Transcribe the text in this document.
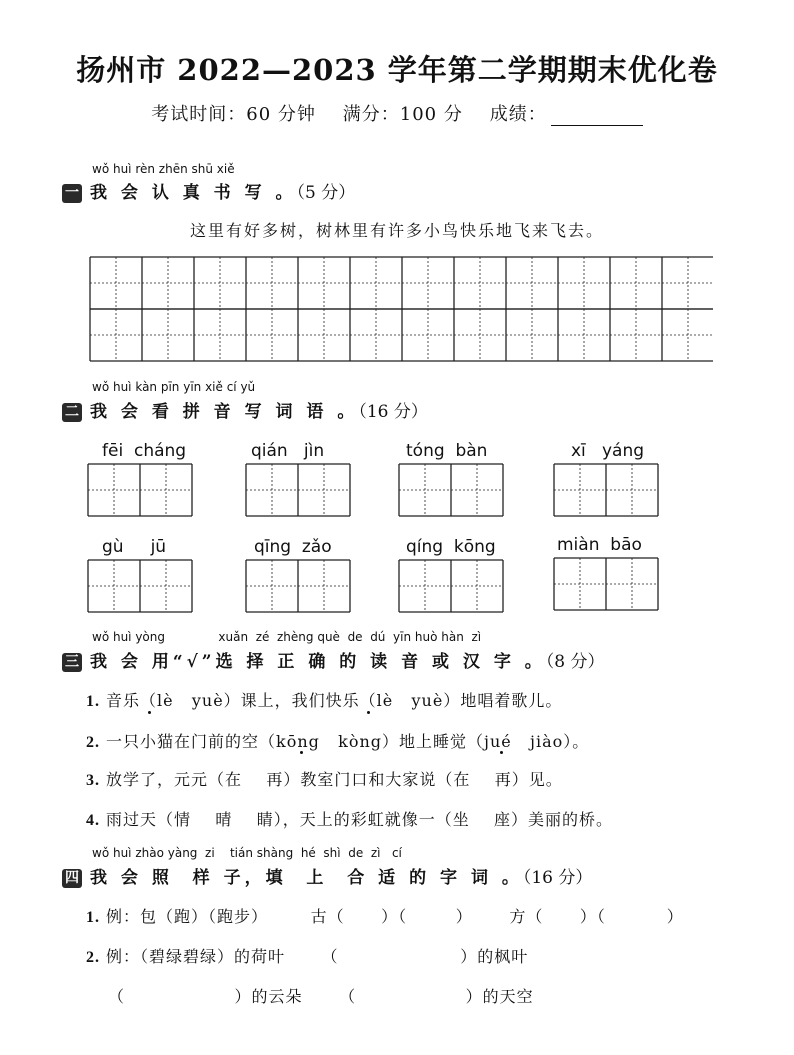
扬州市 2022—2023 学年第二学期期末优化卷
考试时间：60 分钟 满分：100 分 成绩：
wǒ huì rèn zhēn shū xiě
一 我 会 认 真 书 写 。（5 分）
这里有好多树，树林里有许多小鸟快乐地飞来飞去。
wǒ huì kàn pīn yīn xiě cí yǔ
二 我 会 看 拼 音 写 词 语 。（16 分）
fēi  cháng	qián   jìn	tóng  bàn	xī   yáng
gù     jū	qīng  zǎo	qíng  kōng	miàn  bāo
wǒ huì yòng              xuǎn  zé  zhèng què  de  dú  yīn huò hàn  zì
三 我 会 用“√”选 择 正 确 的 读 音 或 汉 字 。（8 分）
1. 音乐（lè   yuè）课上，我们快乐（lè   yuè）地唱着歌儿。
2. 一只小猫在门前的空（kōng   kòng）地上睡觉（jué   jiào）。
3. 放学了，元元（在    再）教室门口和大家说（在    再）见。
4. 雨过天（情    晴    睛），天上的彩虹就像一（坐    座）美丽的桥。
wǒ huì zhào yàng  zi    tián shàng  hé  shì  de  zì   cí
四 我 会 照  样 子，填  上  合 适 的 字 词 。（16 分）
1. 例：包（跑）（跑步）       古（      ）（        ）      方（      ）（          ）
2. 例：（碧绿碧绿）的荷叶      （                    ）的枫叶
（                  ）的云朵      （                  ）的天空
